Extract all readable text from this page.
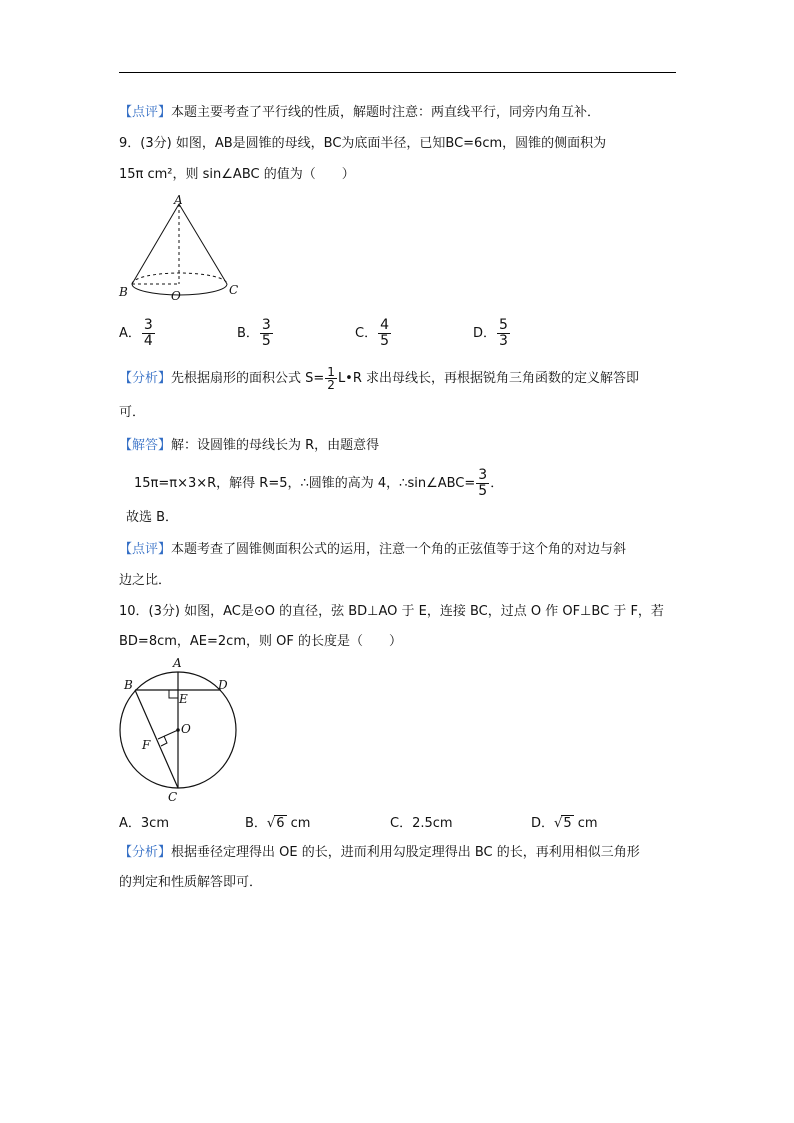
【点评】本题主要考查了平行线的性质，解题时注意：两直线平行，同旁内角互补．
9．(3分) 如图，AB是圆锥的母线，BC为底面半径，已知BC=6cm，圆锥的侧面积为
15π cm²，则 sin∠ABC 的值为（　　）
A
B	O	C
A． $\frac{3}{4}$	B． $\frac{3}{5}$	C． $\frac{4}{5}$	D． $\frac{5}{3}$
【分析】先根据扇形的面积公式 $S= \frac{1}{2}$ L•R 求出母线长，再根据锐角三角函数的定义解答即
可．
【解答】解：设圆锥的母线长为 R，由题意得
15π=π×3×R，解得 R=5，∴圆锥的高为 4，∴sin∠ABC= $\frac{3}{5}$ ．
故选 B．
【点评】本题考查了圆锥侧面积公式的运用，注意一个角的正弦值等于这个角的对边与斜
边之比．
10．(3分) 如图，AC是⊙O 的直径，弦 BD⊥AO 于 E，连接 BC，过点 O 作 OF⊥BC 于 F，若
BD=8cm，AE=2cm，则 OF 的长度是（　　）
A
B	D
E
O
F
C
A．3cm	B．√6 cm	C．2.5cm	D．√5 cm
【分析】根据垂径定理得出 OE 的长，进而利用勾股定理得出 BC 的长，再利用相似三角形
的判定和性质解答即可．
